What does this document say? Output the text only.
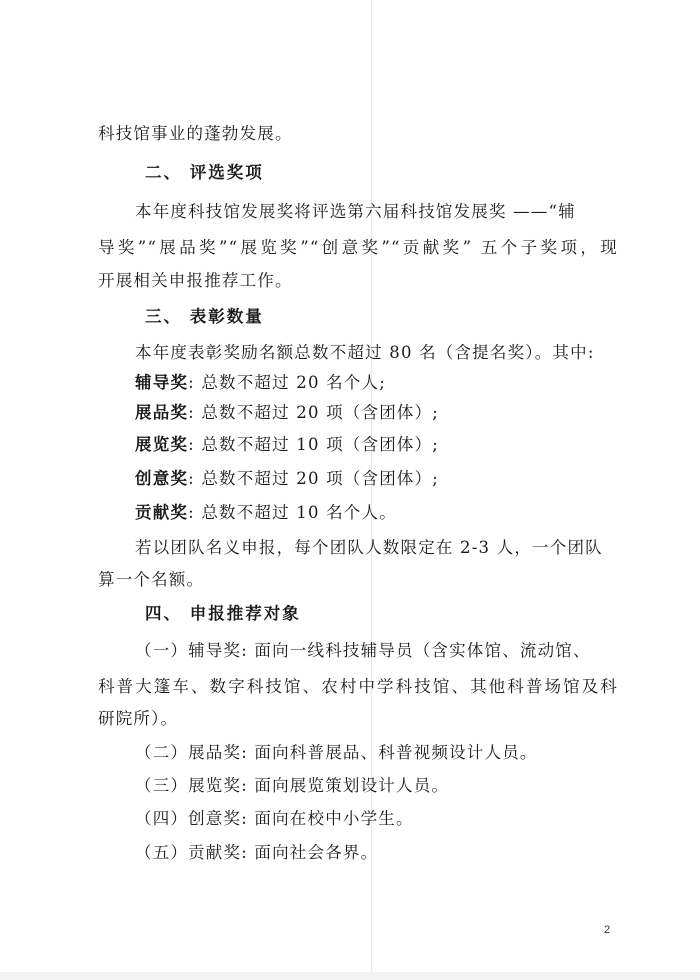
科技馆事业的蓬勃发展。
二、 评选奖项
本年度科技馆发展奖将评选第六届科技馆发展奖 ——“辅
导奖”“展品奖”“展览奖”“创意奖”“贡献奖” 五个子奖项，现
开展相关申报推荐工作。
三、 表彰数量
本年度表彰奖励名额总数不超过 80 名（含提名奖）。其中:
辅导奖: 总数不超过 20 名个人;
展品奖: 总数不超过 20 项（含团体）;
展览奖: 总数不超过 10 项（含团体）;
创意奖: 总数不超过 20 项（含团体）;
贡献奖: 总数不超过 10 名个人。
若以团队名义申报，每个团队人数限定在 2-3 人，一个团队
算一个名额。
四、 申报推荐对象
（一）辅导奖: 面向一线科技辅导员（含实体馆、流动馆、
科普大篷车、数字科技馆、农村中学科技馆、其他科普场馆及科
研院所）。
（二）展品奖: 面向科普展品、科普视频设计人员。
（三）展览奖: 面向展览策划设计人员。
（四）创意奖: 面向在校中小学生。
（五）贡献奖: 面向社会各界。
2
